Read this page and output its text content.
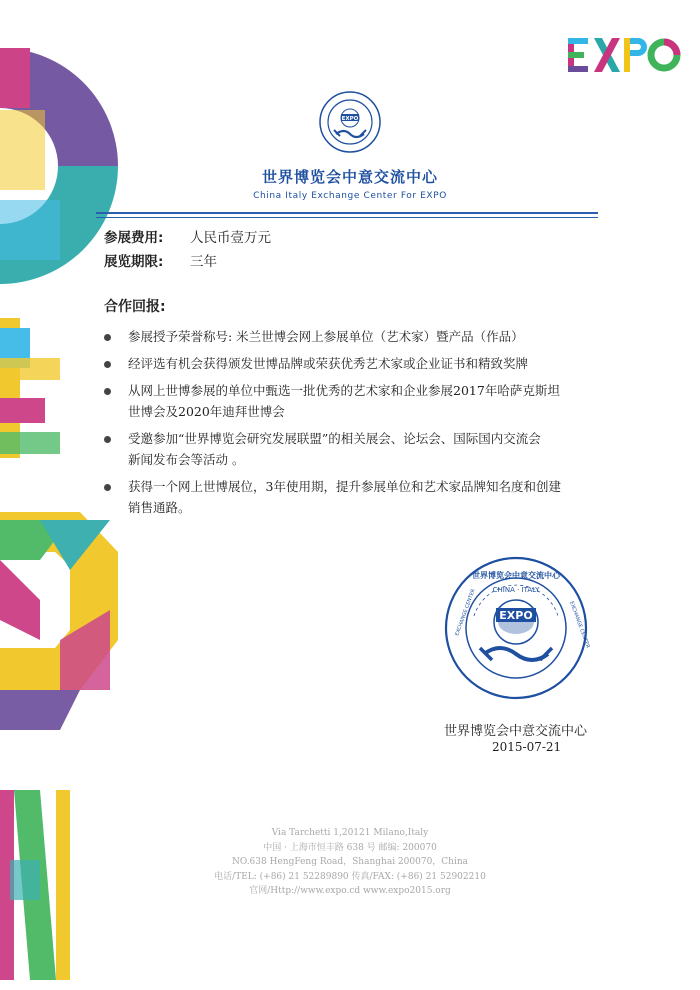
EXPO
世界博览会中意交流中心
China Italy Exchange Center For EXPO
参展费用: 人民币壹万元
展览期限: 三年
合作回报:
参展授予荣誉称号: 米兰世博会网上参展单位（艺术家）暨产品（作品）
经评选有机会获得颁发世博品牌或荣获优秀艺术家或企业证书和精致奖牌
从网上世博参展的单位中甄选一批优秀的艺术家和企业参展2017年哈萨克斯坦
世博会及2020年迪拜世博会
受邀参加“世界博览会研究发展联盟”的相关展会、论坛会、国际国内交流会
新闻发布会等活动 。
获得一个网上世博展位，3年使用期，提升参展单位和艺术家品牌知名度和创建
销售通路。
EXPO
世界博览会中意交流中心
CHINA · ITALY
EXCHANGE CENTER	EXCHANGE CENTER
世界博览会中意交流中心
2015-07-21
Via Tarchetti 1,20121 Milano,Italy
中国 · 上海市恒丰路 638 号 邮编: 200070
NO.638 HengFeng Road，Shanghai 200070，China
电话/TEL: (+86) 21 52289890 传真/FAX: (+86) 21 52902210
官网/Http://www.expo.cd www.expo2015.org
